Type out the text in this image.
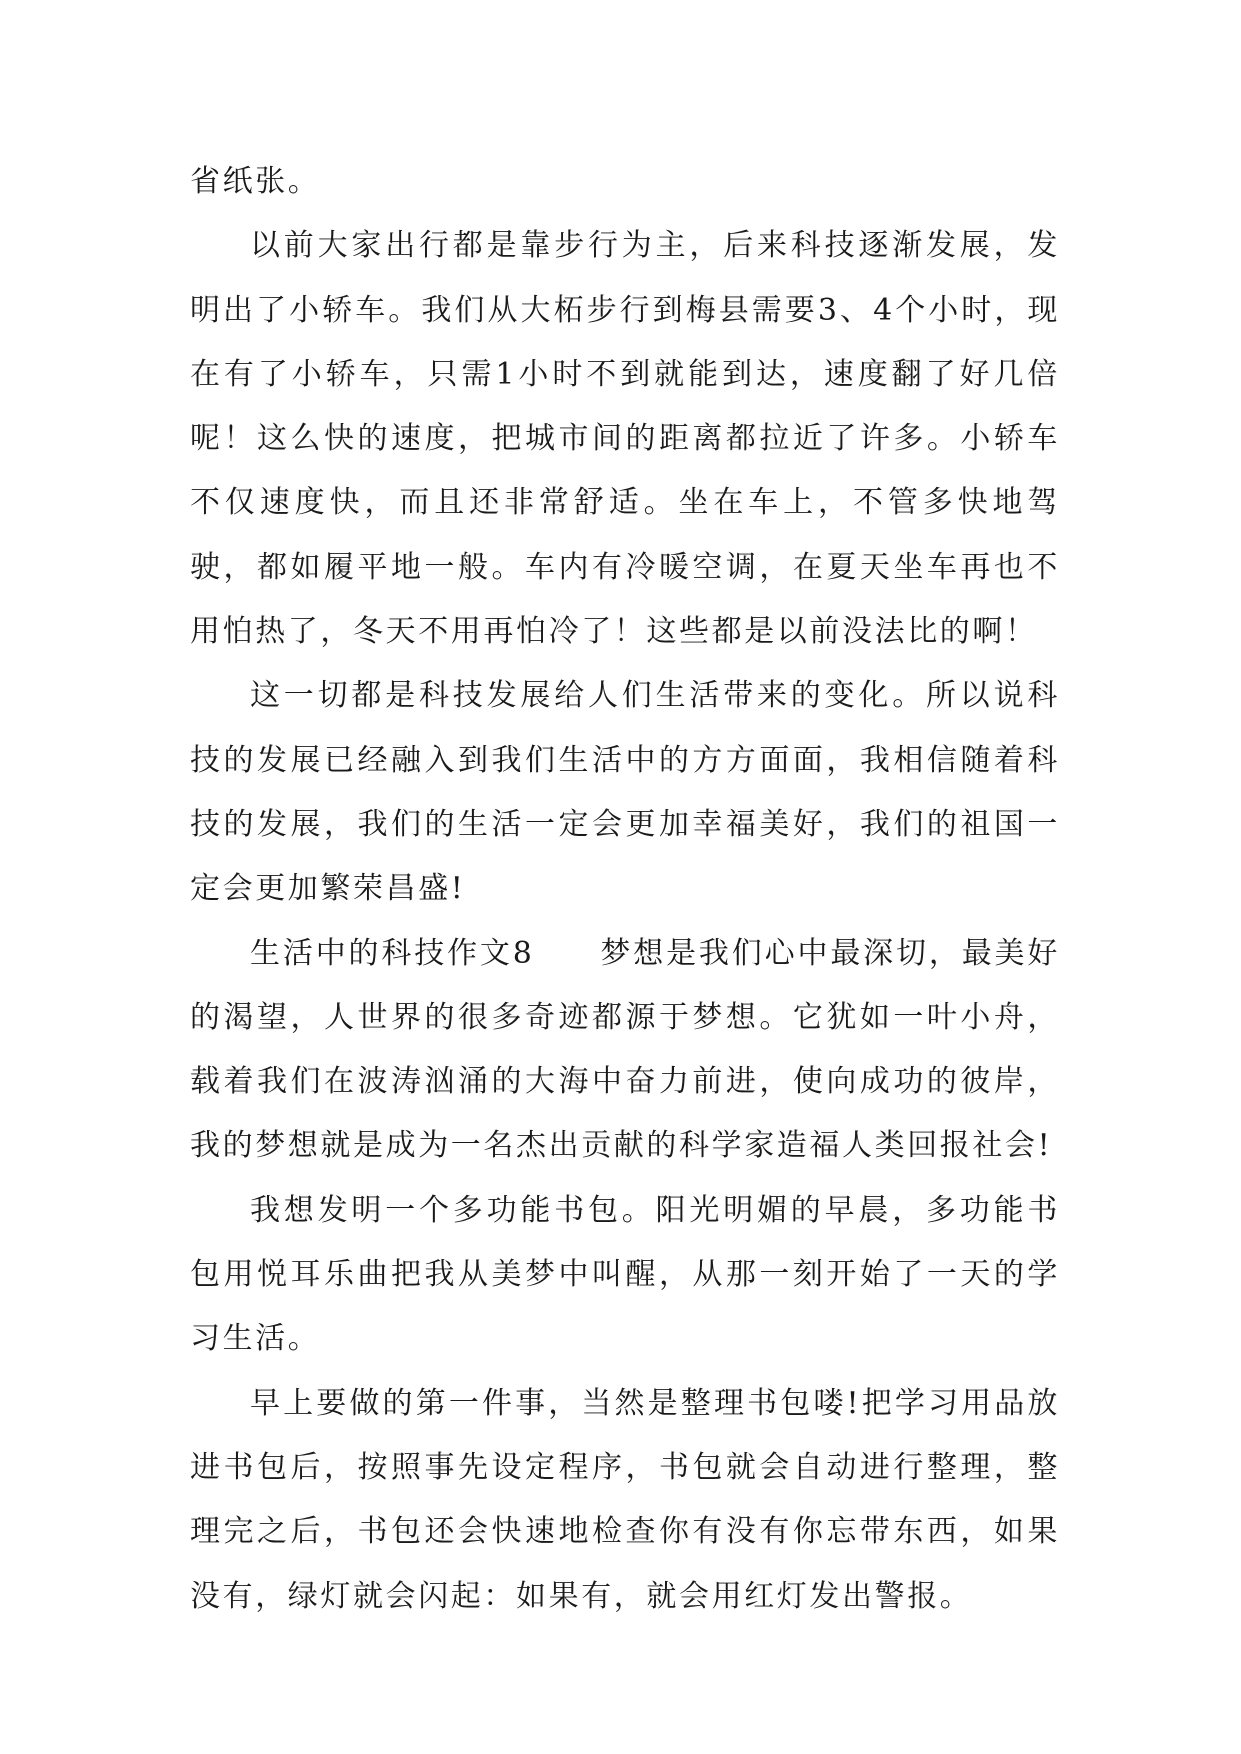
省纸张。

以前大家出行都是靠步行为主，后来科技逐渐发展，发明出了小轿车。我们从大柘步行到梅县需要3、4个小时，现在有了小轿车，只需1小时不到就能到达，速度翻了好几倍呢！这么快的速度，把城市间的距离都拉近了许多。小轿车不仅速度快，而且还非常舒适。坐在车上，不管多快地驾驶，都如履平地一般。车内有冷暖空调，在夏天坐车再也不用怕热了，冬天不用再怕冷了！这些都是以前没法比的啊！

这一切都是科技发展给人们生活带来的变化。所以说科技的发展已经融入到我们生活中的方方面面，我相信随着科技的发展，我们的生活一定会更加幸福美好，我们的祖国一定会更加繁荣昌盛!

生活中的科技作文8　　梦想是我们心中最深切，最美好的渴望，人世界的很多奇迹都源于梦想。它犹如一叶小舟，载着我们在波涛汹涌的大海中奋力前进，使向成功的彼岸，我的梦想就是成为一名杰出贡献的科学家造福人类回报社会!

我想发明一个多功能书包。阳光明媚的早晨，多功能书包用悦耳乐曲把我从美梦中叫醒，从那一刻开始了一天的学习生活。

早上要做的第一件事，当然是整理书包喽!把学习用品放进书包后，按照事先设定程序，书包就会自动进行整理，整理完之后，书包还会快速地检查你有没有你忘带东西，如果没有，绿灯就会闪起：如果有，就会用红灯发出警报。
